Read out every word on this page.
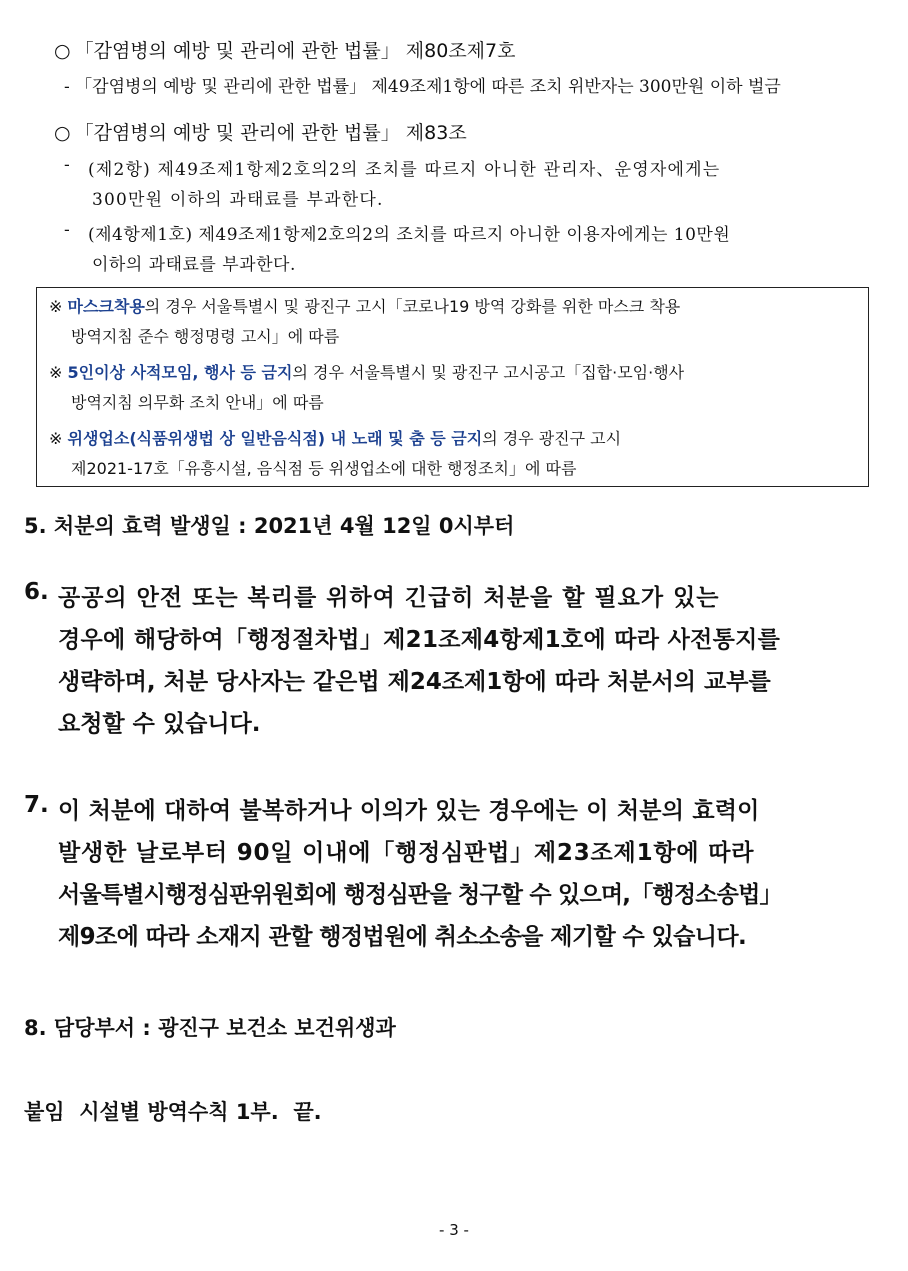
○ 「감염병의 예방 및 관리에 관한 법률」 제80조제7호
- 「감염병의 예방 및 관리에 관한 법률」 제49조제1항에 따른 조치 위반자는 300만원 이하 벌금
○ 「감염병의 예방 및 관리에 관한 법률」 제83조
- (제2항) 제49조제1항제2호의2의 조치를 따르지 아니한 관리자、운영자에게는
300만원 이하의 과태료를 부과한다.
- (제4항제1호) 제49조제1항제2호의2의 조치를 따르지 아니한 이용자에게는 10만원
이하의 과태료를 부과한다.
※ 마스크착용의 경우 서울특별시 및 광진구 고시「코로나19 방역 강화를 위한 마스크 착용
방역지침 준수 행정명령 고시」에 따름
※ 5인이상 사적모임, 행사 등 금지의 경우 서울특별시 및 광진구 고시공고「집합·모임·행사
방역지침 의무화 조치 안내」에 따름
※ 위생업소(식품위생법 상 일반음식점) 내 노래 및 춤 등 금지의 경우 광진구 고시
제2021-17호「유흥시설, 음식점 등 위생업소에 대한 행정조치」에 따름
5. 처분의 효력 발생일 : 2021년 4월 12일 0시부터
6. 공공의 안전 또는 복리를 위하여 긴급히 처분을 할 필요가 있는
경우에 해당하여「행정절차법」제21조제4항제1호에 따라 사전통지를
생략하며, 처분 당사자는 같은법 제24조제1항에 따라 처분서의 교부를
요청할 수 있습니다.
7. 이 처분에 대하여 불복하거나 이의가 있는 경우에는 이 처분의 효력이
발생한 날로부터 90일 이내에「행정심판법」제23조제1항에 따라
서울특별시행정심판위원회에 행정심판을 청구할 수 있으며,「행정소송법」
제9조에 따라 소재지 관할 행정법원에 취소소송을 제기할 수 있습니다.
8. 담당부서 : 광진구 보건소 보건위생과
붙임  시설별 방역수칙 1부.  끝.
- 3 -
